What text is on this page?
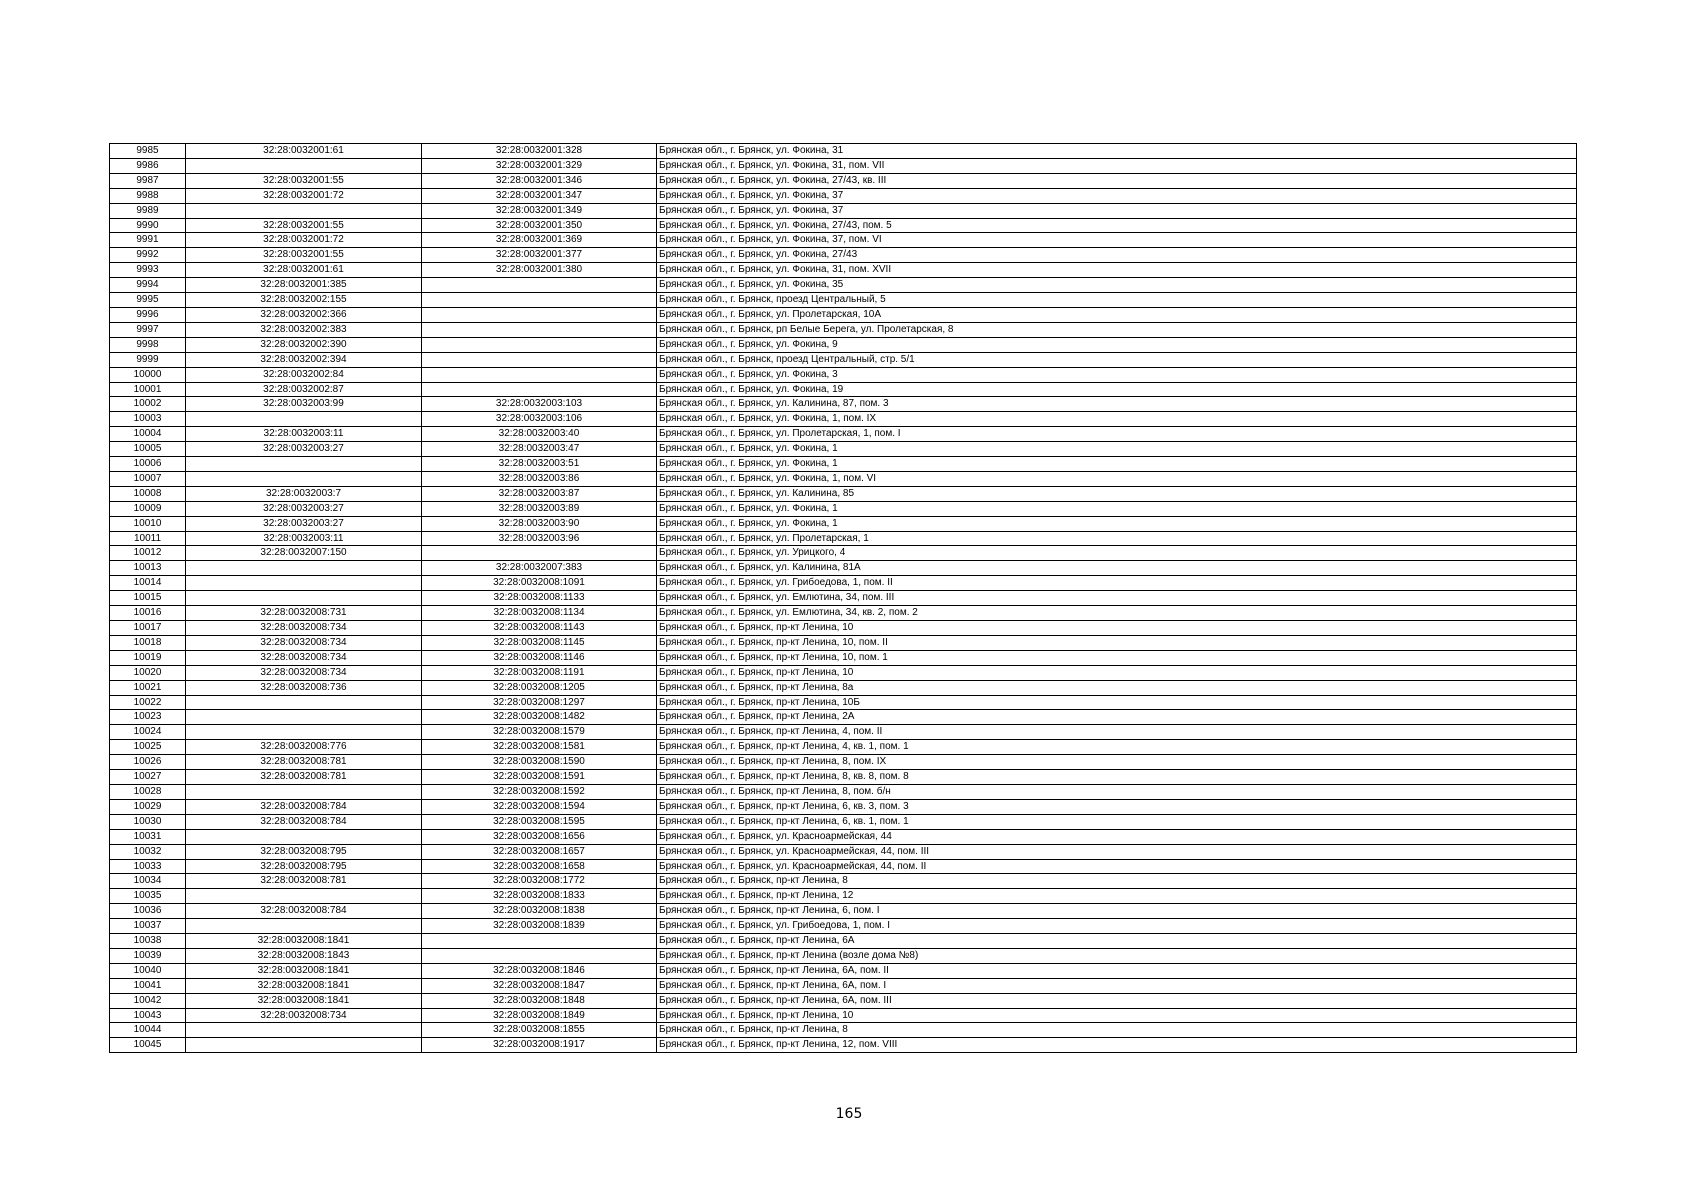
9985	32:28:0032001:61	32:28:0032001:328	Брянская обл., г. Брянск, ул. Фокина, 31
9986		32:28:0032001:329	Брянская обл., г. Брянск, ул. Фокина, 31, пом. VII
9987	32:28:0032001:55	32:28:0032001:346	Брянская обл., г. Брянск, ул. Фокина, 27/43, кв. III
9988	32:28:0032001:72	32:28:0032001:347	Брянская обл., г. Брянск, ул. Фокина, 37
9989		32:28:0032001:349	Брянская обл., г. Брянск, ул. Фокина, 37
9990	32:28:0032001:55	32:28:0032001:350	Брянская обл., г. Брянск, ул. Фокина, 27/43, пом. 5
9991	32:28:0032001:72	32:28:0032001:369	Брянская обл., г. Брянск, ул. Фокина, 37, пом. VI
9992	32:28:0032001:55	32:28:0032001:377	Брянская обл., г. Брянск, ул. Фокина, 27/43
9993	32:28:0032001:61	32:28:0032001:380	Брянская обл., г. Брянск, ул. Фокина, 31, пом. XVII
9994	32:28:0032001:385		Брянская обл., г. Брянск, ул. Фокина, 35
9995	32:28:0032002:155		Брянская обл., г. Брянск, проезд Центральный, 5
9996	32:28:0032002:366		Брянская обл., г. Брянск, ул. Пролетарская, 10А
9997	32:28:0032002:383		Брянская обл., г. Брянск, рп Белые Берега, ул. Пролетарская, 8
9998	32:28:0032002:390		Брянская обл., г. Брянск, ул. Фокина, 9
9999	32:28:0032002:394		Брянская обл., г. Брянск, проезд Центральный, стр. 5/1
10000	32:28:0032002:84		Брянская обл., г. Брянск, ул. Фокина, 3
10001	32:28:0032002:87		Брянская обл., г. Брянск, ул. Фокина, 19
10002	32:28:0032003:99	32:28:0032003:103	Брянская обл., г. Брянск, ул. Калинина, 87, пом. 3
10003		32:28:0032003:106	Брянская обл., г. Брянск, ул. Фокина, 1, пом. IX
10004	32:28:0032003:11	32:28:0032003:40	Брянская обл., г. Брянск, ул. Пролетарская, 1, пом. I
10005	32:28:0032003:27	32:28:0032003:47	Брянская обл., г. Брянск, ул. Фокина, 1
10006		32:28:0032003:51	Брянская обл., г. Брянск, ул. Фокина, 1
10007		32:28:0032003:86	Брянская обл., г. Брянск, ул. Фокина, 1, пом. VI
10008	32:28:0032003:7	32:28:0032003:87	Брянская обл., г. Брянск, ул. Калинина, 85
10009	32:28:0032003:27	32:28:0032003:89	Брянская обл., г. Брянск, ул. Фокина, 1
10010	32:28:0032003:27	32:28:0032003:90	Брянская обл., г. Брянск, ул. Фокина, 1
10011	32:28:0032003:11	32:28:0032003:96	Брянская обл., г. Брянск, ул. Пролетарская, 1
10012	32:28:0032007:150		Брянская обл., г. Брянск, ул. Урицкого, 4
10013		32:28:0032007:383	Брянская обл., г. Брянск, ул. Калинина, 81А
10014		32:28:0032008:1091	Брянская обл., г. Брянск, ул. Грибоедова, 1, пом. II
10015		32:28:0032008:1133	Брянская обл., г. Брянск, ул. Емлютина, 34, пом. III
10016	32:28:0032008:731	32:28:0032008:1134	Брянская обл., г. Брянск, ул. Емлютина, 34, кв. 2, пом. 2
10017	32:28:0032008:734	32:28:0032008:1143	Брянская обл., г. Брянск, пр-кт Ленина, 10
10018	32:28:0032008:734	32:28:0032008:1145	Брянская обл., г. Брянск, пр-кт Ленина, 10, пом. II
10019	32:28:0032008:734	32:28:0032008:1146	Брянская обл., г. Брянск, пр-кт Ленина, 10, пом. 1
10020	32:28:0032008:734	32:28:0032008:1191	Брянская обл., г. Брянск, пр-кт Ленина, 10
10021	32:28:0032008:736	32:28:0032008:1205	Брянская обл., г. Брянск, пр-кт Ленина, 8а
10022		32:28:0032008:1297	Брянская обл., г. Брянск, пр-кт Ленина, 10Б
10023		32:28:0032008:1482	Брянская обл., г. Брянск, пр-кт Ленина, 2А
10024		32:28:0032008:1579	Брянская обл., г. Брянск, пр-кт Ленина, 4, пом. II
10025	32:28:0032008:776	32:28:0032008:1581	Брянская обл., г. Брянск, пр-кт Ленина, 4, кв. 1, пом. 1
10026	32:28:0032008:781	32:28:0032008:1590	Брянская обл., г. Брянск, пр-кт Ленина, 8, пом. IX
10027	32:28:0032008:781	32:28:0032008:1591	Брянская обл., г. Брянск, пр-кт Ленина, 8, кв. 8, пом. 8
10028		32:28:0032008:1592	Брянская обл., г. Брянск, пр-кт Ленина, 8, пом. б/н
10029	32:28:0032008:784	32:28:0032008:1594	Брянская обл., г. Брянск, пр-кт Ленина, 6, кв. 3, пом. 3
10030	32:28:0032008:784	32:28:0032008:1595	Брянская обл., г. Брянск, пр-кт Ленина, 6, кв. 1, пом. 1
10031		32:28:0032008:1656	Брянская обл., г. Брянск, ул. Красноармейская, 44
10032	32:28:0032008:795	32:28:0032008:1657	Брянская обл., г. Брянск, ул. Красноармейская, 44, пом. III
10033	32:28:0032008:795	32:28:0032008:1658	Брянская обл., г. Брянск, ул. Красноармейская, 44, пом. II
10034	32:28:0032008:781	32:28:0032008:1772	Брянская обл., г. Брянск, пр-кт Ленина, 8
10035		32:28:0032008:1833	Брянская обл., г. Брянск, пр-кт Ленина, 12
10036	32:28:0032008:784	32:28:0032008:1838	Брянская обл., г. Брянск, пр-кт Ленина, 6, пом. I
10037		32:28:0032008:1839	Брянская обл., г. Брянск, ул. Грибоедова, 1, пом. I
10038	32:28:0032008:1841		Брянская обл., г. Брянск, пр-кт Ленина, 6А
10039	32:28:0032008:1843		Брянская обл., г. Брянск, пр-кт Ленина (возле дома №8)
10040	32:28:0032008:1841	32:28:0032008:1846	Брянская обл., г. Брянск, пр-кт Ленина, 6А, пом. II
10041	32:28:0032008:1841	32:28:0032008:1847	Брянская обл., г. Брянск, пр-кт Ленина, 6А, пом. I
10042	32:28:0032008:1841	32:28:0032008:1848	Брянская обл., г. Брянск, пр-кт Ленина, 6А, пом. III
10043	32:28:0032008:734	32:28:0032008:1849	Брянская обл., г. Брянск, пр-кт Ленина, 10
10044		32:28:0032008:1855	Брянская обл., г. Брянск, пр-кт Ленина, 8
10045		32:28:0032008:1917	Брянская обл., г. Брянск, пр-кт Ленина, 12, пом. VIII
165
